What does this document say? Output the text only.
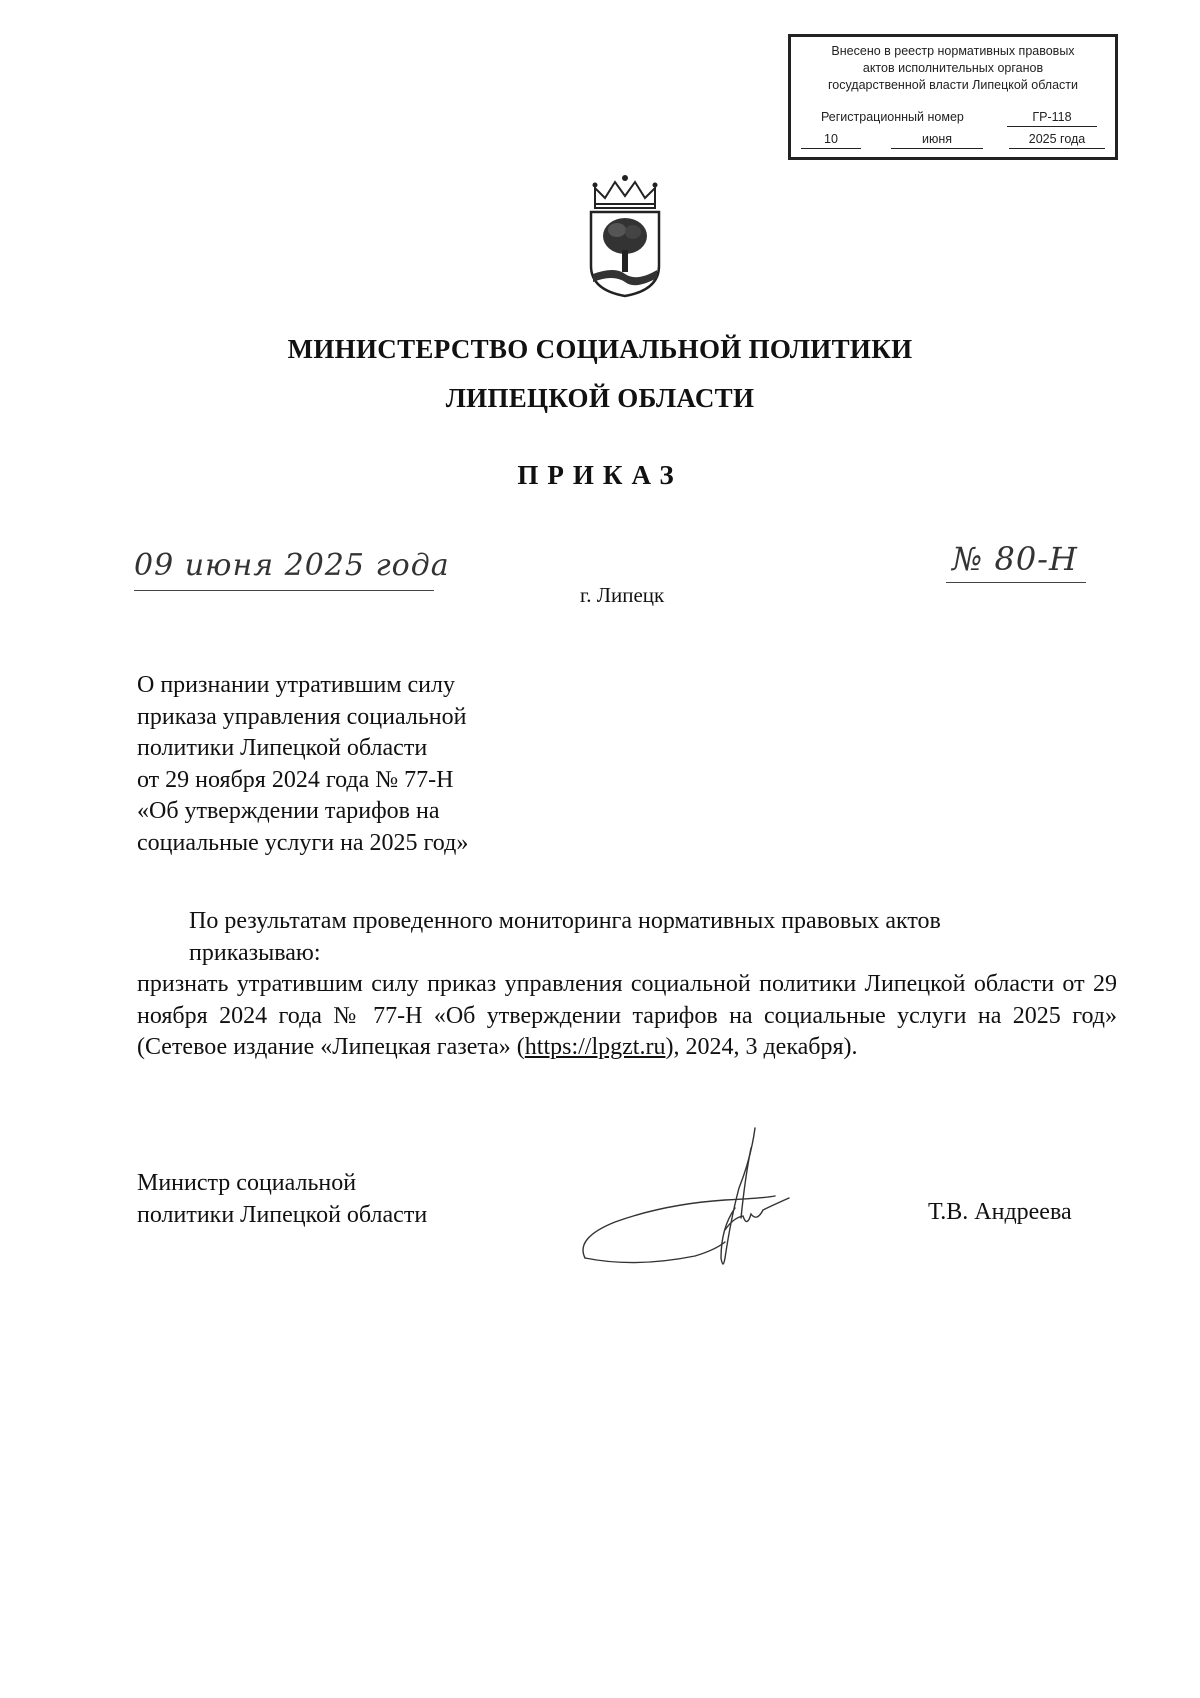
Внесено в реестр нормативных правовых
актов исполнительных органов
государственной власти Липецкой области
Регистрационный номер	ГР-118
10	июня	2025 года
МИНИСТЕРСТВО СОЦИАЛЬНОЙ ПОЛИТИКИ
ЛИПЕЦКОЙ ОБЛАСТИ
ПРИКАЗ
09 июня 2025 года	№ 80-Н
г. Липецк
О признании утратившим силу
приказа управления социальной
политики Липецкой области
от 29 ноября 2024 года № 77-Н
«Об утверждении тарифов на
социальные услуги на 2025 год»
По результатам проведенного мониторинга нормативных правовых актов
приказываю:
признать утратившим силу приказ управления социальной политики Липецкой области от 29 ноября 2024 года № 77-Н «Об утверждении тарифов на социальные услуги на 2025 год» (Сетевое издание «Липецкая газета» (https://lpgzt.ru), 2024, 3 декабря).
Министр социальной
политики Липецкой области	Т.В. Андреева
